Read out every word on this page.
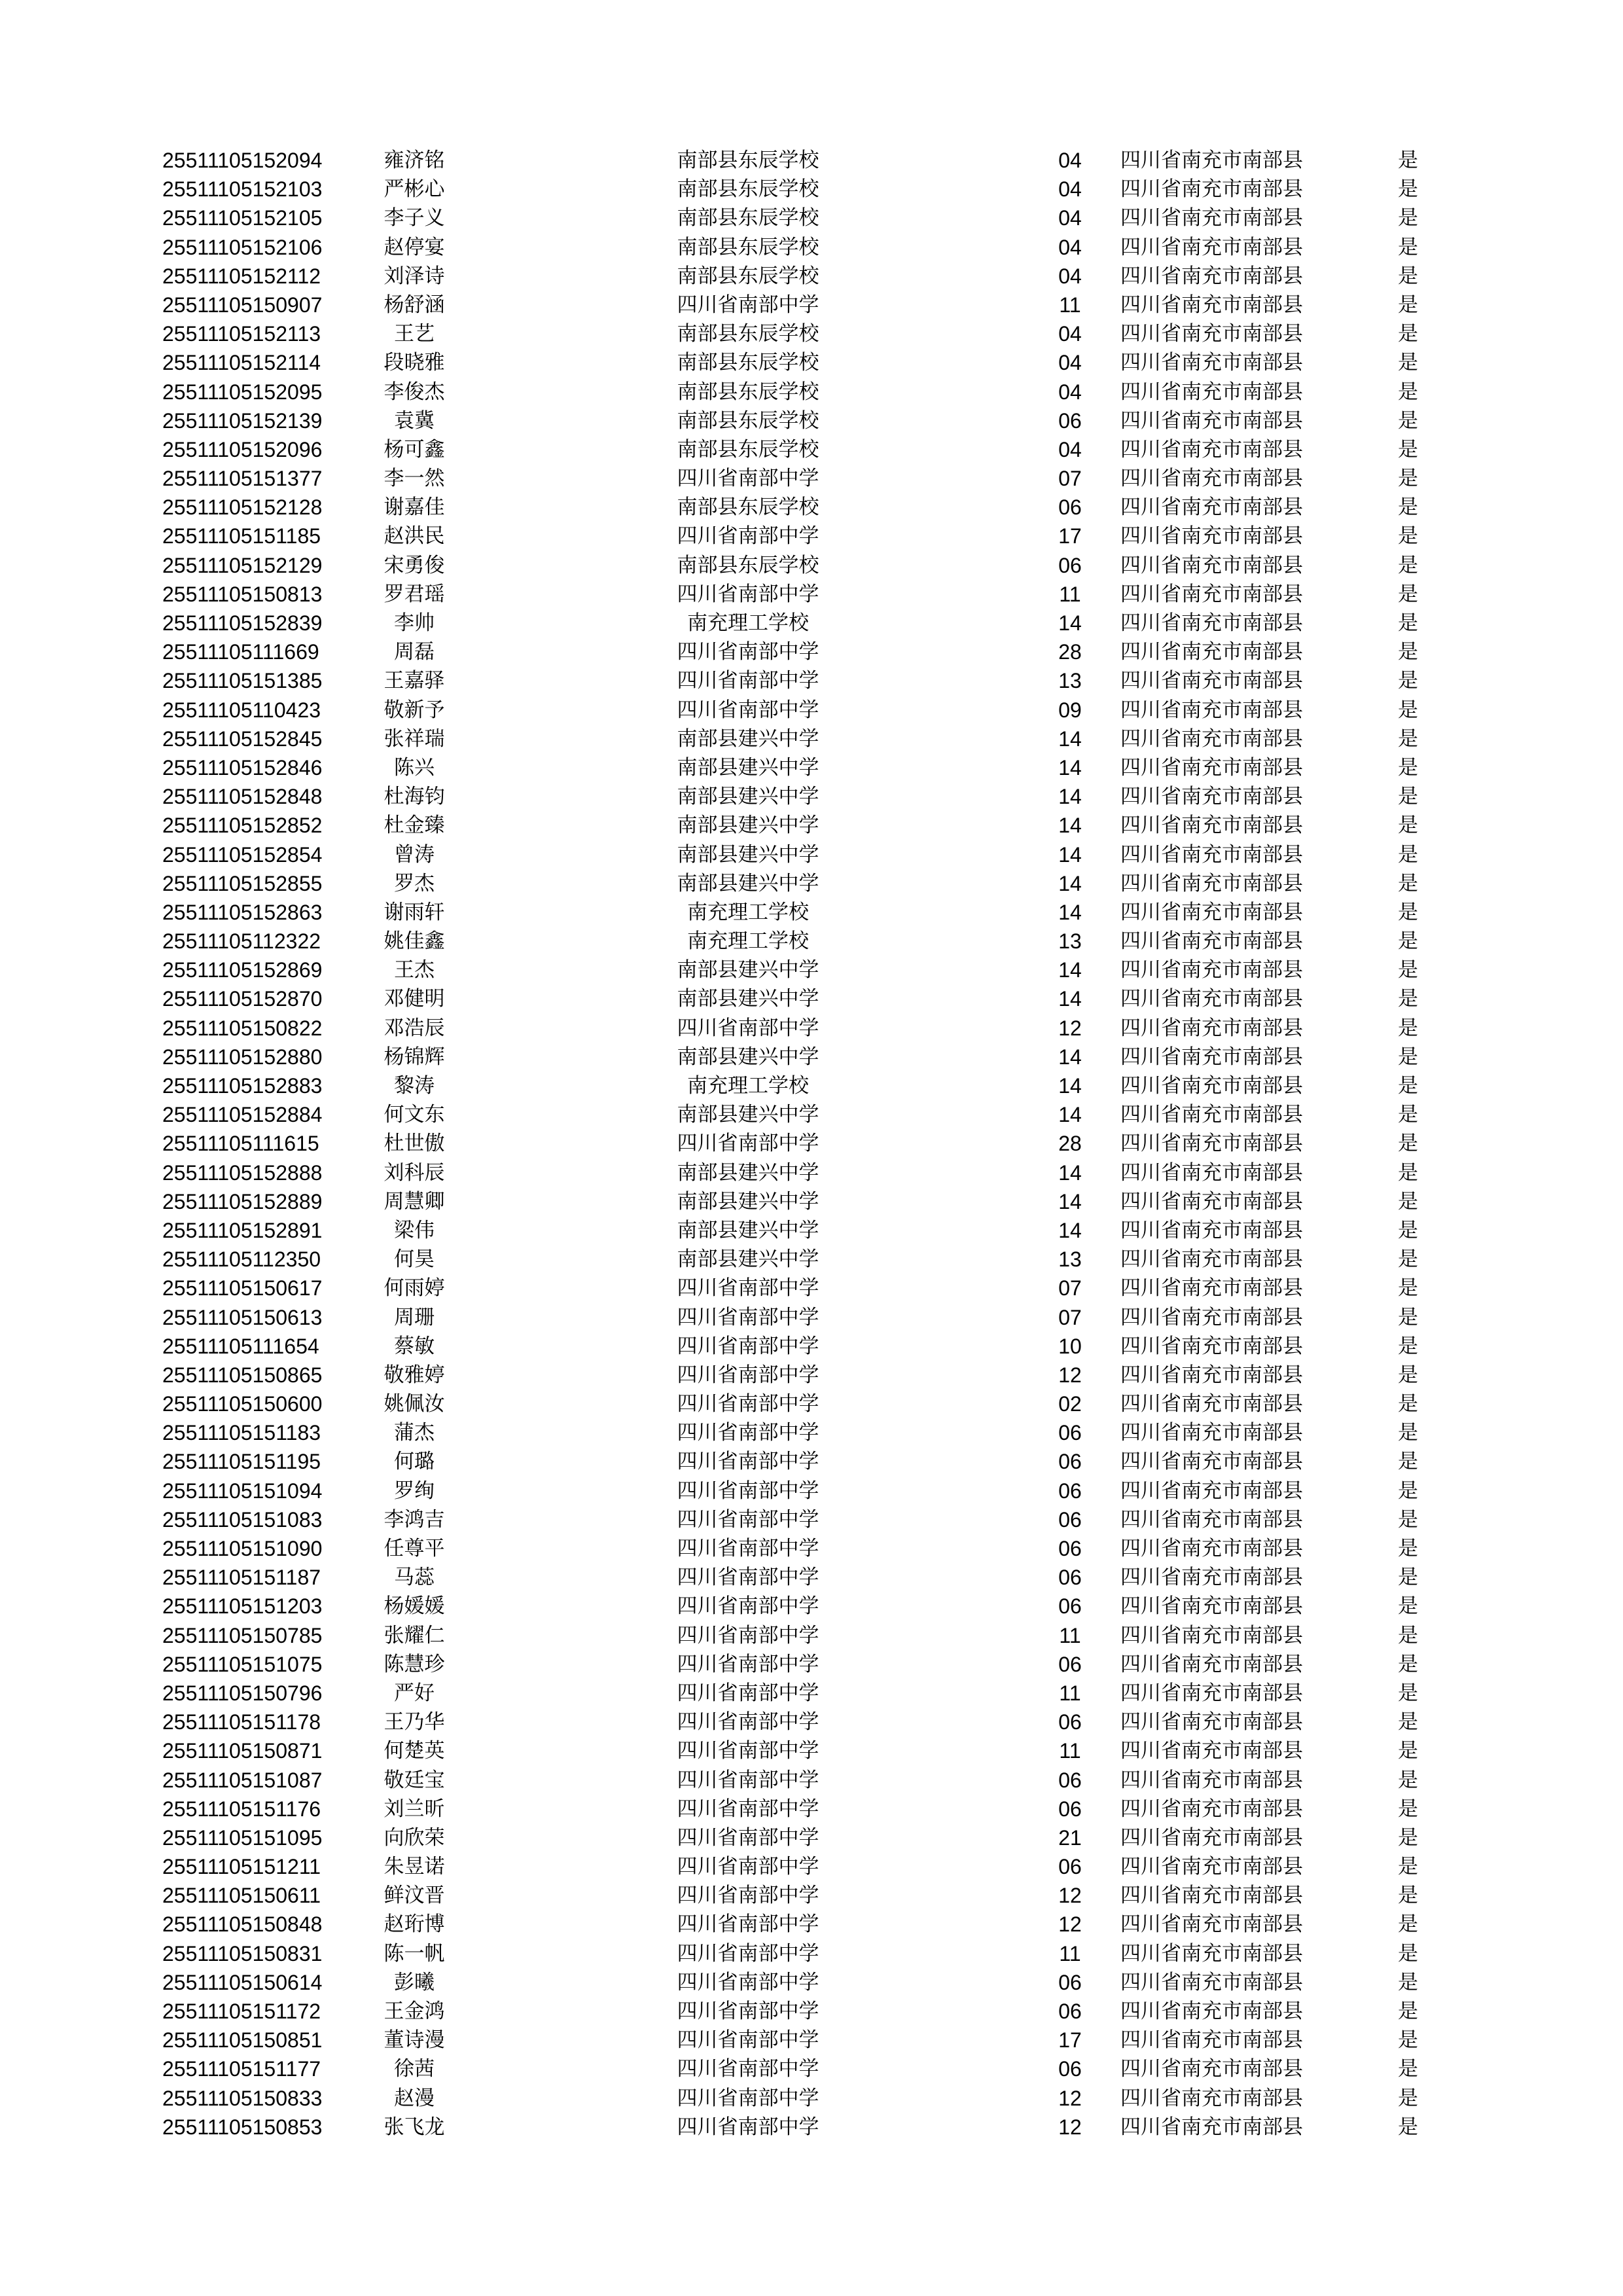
25511105152094	雍济铭	南部县东辰学校	04	四川省南充市南部县	是
25511105152103	严彬心	南部县东辰学校	04	四川省南充市南部县	是
25511105152105	李子义	南部县东辰学校	04	四川省南充市南部县	是
25511105152106	赵停宴	南部县东辰学校	04	四川省南充市南部县	是
25511105152112	刘泽诗	南部县东辰学校	04	四川省南充市南部县	是
25511105150907	杨舒涵	四川省南部中学	11	四川省南充市南部县	是
25511105152113	王艺	南部县东辰学校	04	四川省南充市南部县	是
25511105152114	段晓雅	南部县东辰学校	04	四川省南充市南部县	是
25511105152095	李俊杰	南部县东辰学校	04	四川省南充市南部县	是
25511105152139	袁冀	南部县东辰学校	06	四川省南充市南部县	是
25511105152096	杨可鑫	南部县东辰学校	04	四川省南充市南部县	是
25511105151377	李一然	四川省南部中学	07	四川省南充市南部县	是
25511105152128	谢嘉佳	南部县东辰学校	06	四川省南充市南部县	是
25511105151185	赵洪民	四川省南部中学	17	四川省南充市南部县	是
25511105152129	宋勇俊	南部县东辰学校	06	四川省南充市南部县	是
25511105150813	罗君瑶	四川省南部中学	11	四川省南充市南部县	是
25511105152839	李帅	南充理工学校	14	四川省南充市南部县	是
25511105111669	周磊	四川省南部中学	28	四川省南充市南部县	是
25511105151385	王嘉驿	四川省南部中学	13	四川省南充市南部县	是
25511105110423	敬新予	四川省南部中学	09	四川省南充市南部县	是
25511105152845	张祥瑞	南部县建兴中学	14	四川省南充市南部县	是
25511105152846	陈兴	南部县建兴中学	14	四川省南充市南部县	是
25511105152848	杜海钧	南部县建兴中学	14	四川省南充市南部县	是
25511105152852	杜金臻	南部县建兴中学	14	四川省南充市南部县	是
25511105152854	曾涛	南部县建兴中学	14	四川省南充市南部县	是
25511105152855	罗杰	南部县建兴中学	14	四川省南充市南部县	是
25511105152863	谢雨轩	南充理工学校	14	四川省南充市南部县	是
25511105112322	姚佳鑫	南充理工学校	13	四川省南充市南部县	是
25511105152869	王杰	南部县建兴中学	14	四川省南充市南部县	是
25511105152870	邓健明	南部县建兴中学	14	四川省南充市南部县	是
25511105150822	邓浩辰	四川省南部中学	12	四川省南充市南部县	是
25511105152880	杨锦辉	南部县建兴中学	14	四川省南充市南部县	是
25511105152883	黎涛	南充理工学校	14	四川省南充市南部县	是
25511105152884	何文东	南部县建兴中学	14	四川省南充市南部县	是
25511105111615	杜世傲	四川省南部中学	28	四川省南充市南部县	是
25511105152888	刘科辰	南部县建兴中学	14	四川省南充市南部县	是
25511105152889	周慧卿	南部县建兴中学	14	四川省南充市南部县	是
25511105152891	梁伟	南部县建兴中学	14	四川省南充市南部县	是
25511105112350	何昊	南部县建兴中学	13	四川省南充市南部县	是
25511105150617	何雨婷	四川省南部中学	07	四川省南充市南部县	是
25511105150613	周珊	四川省南部中学	07	四川省南充市南部县	是
25511105111654	蔡敏	四川省南部中学	10	四川省南充市南部县	是
25511105150865	敬雅婷	四川省南部中学	12	四川省南充市南部县	是
25511105150600	姚佩汝	四川省南部中学	02	四川省南充市南部县	是
25511105151183	蒲杰	四川省南部中学	06	四川省南充市南部县	是
25511105151195	何璐	四川省南部中学	06	四川省南充市南部县	是
25511105151094	罗绚	四川省南部中学	06	四川省南充市南部县	是
25511105151083	李鸿吉	四川省南部中学	06	四川省南充市南部县	是
25511105151090	任尊平	四川省南部中学	06	四川省南充市南部县	是
25511105151187	马蕊	四川省南部中学	06	四川省南充市南部县	是
25511105151203	杨媛媛	四川省南部中学	06	四川省南充市南部县	是
25511105150785	张耀仁	四川省南部中学	11	四川省南充市南部县	是
25511105151075	陈慧珍	四川省南部中学	06	四川省南充市南部县	是
25511105150796	严好	四川省南部中学	11	四川省南充市南部县	是
25511105151178	王乃华	四川省南部中学	06	四川省南充市南部县	是
25511105150871	何楚英	四川省南部中学	11	四川省南充市南部县	是
25511105151087	敬廷宝	四川省南部中学	06	四川省南充市南部县	是
25511105151176	刘兰昕	四川省南部中学	06	四川省南充市南部县	是
25511105151095	向欣荣	四川省南部中学	21	四川省南充市南部县	是
25511105151211	朱昱诺	四川省南部中学	06	四川省南充市南部县	是
25511105150611	鲜汶晋	四川省南部中学	12	四川省南充市南部县	是
25511105150848	赵珩博	四川省南部中学	12	四川省南充市南部县	是
25511105150831	陈一帆	四川省南部中学	11	四川省南充市南部县	是
25511105150614	彭曦	四川省南部中学	06	四川省南充市南部县	是
25511105151172	王金鸿	四川省南部中学	06	四川省南充市南部县	是
25511105150851	董诗漫	四川省南部中学	17	四川省南充市南部县	是
25511105151177	徐茜	四川省南部中学	06	四川省南充市南部县	是
25511105150833	赵漫	四川省南部中学	12	四川省南充市南部县	是
25511105150853	张飞龙	四川省南部中学	12	四川省南充市南部县	是
